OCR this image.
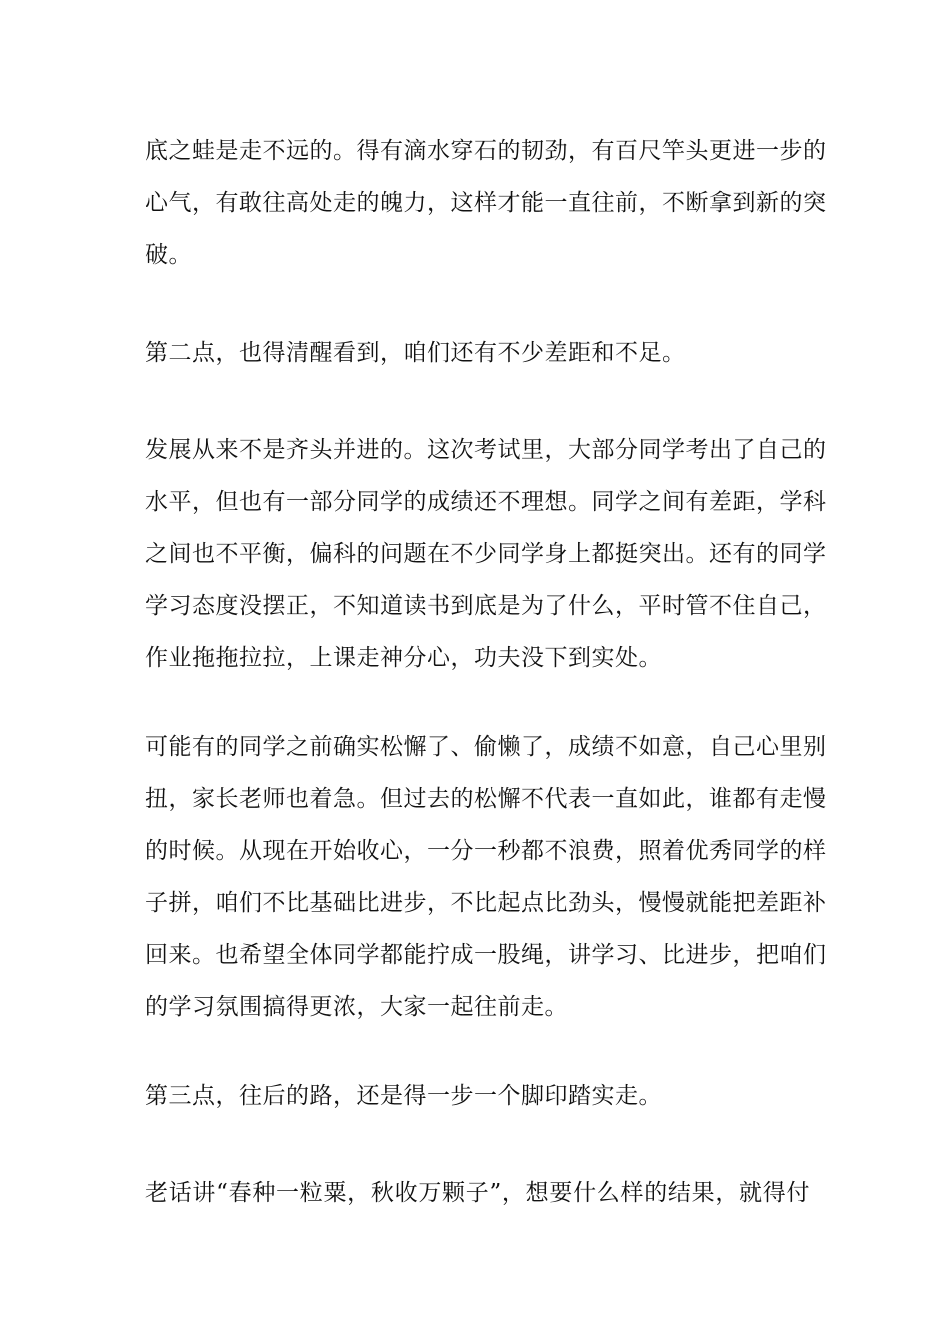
底之蛙是走不远的。得有滴水穿石的韧劲，有百尺竿头更进一步的
心气，有敢往高处走的魄力，这样才能一直往前，不断拿到新的突
破。
第二点，也得清醒看到，咱们还有不少差距和不足。
发展从来不是齐头并进的。这次考试里，大部分同学考出了自己的
水平，但也有一部分同学的成绩还不理想。同学之间有差距，学科
之间也不平衡，偏科的问题在不少同学身上都挺突出。还有的同学
学习态度没摆正，不知道读书到底是为了什么，平时管不住自己，
作业拖拖拉拉，上课走神分心，功夫没下到实处。
可能有的同学之前确实松懈了、偷懒了，成绩不如意，自己心里别
扭，家长老师也着急。但过去的松懈不代表一直如此，谁都有走慢
的时候。从现在开始收心，一分一秒都不浪费，照着优秀同学的样
子拼，咱们不比基础比进步，不比起点比劲头，慢慢就能把差距补
回来。也希望全体同学都能拧成一股绳，讲学习、比进步，把咱们
的学习氛围搞得更浓，大家一起往前走。
第三点，往后的路，还是得一步一个脚印踏实走。
老话讲“春种一粒粟，秋收万颗子”，想要什么样的结果，就得付
